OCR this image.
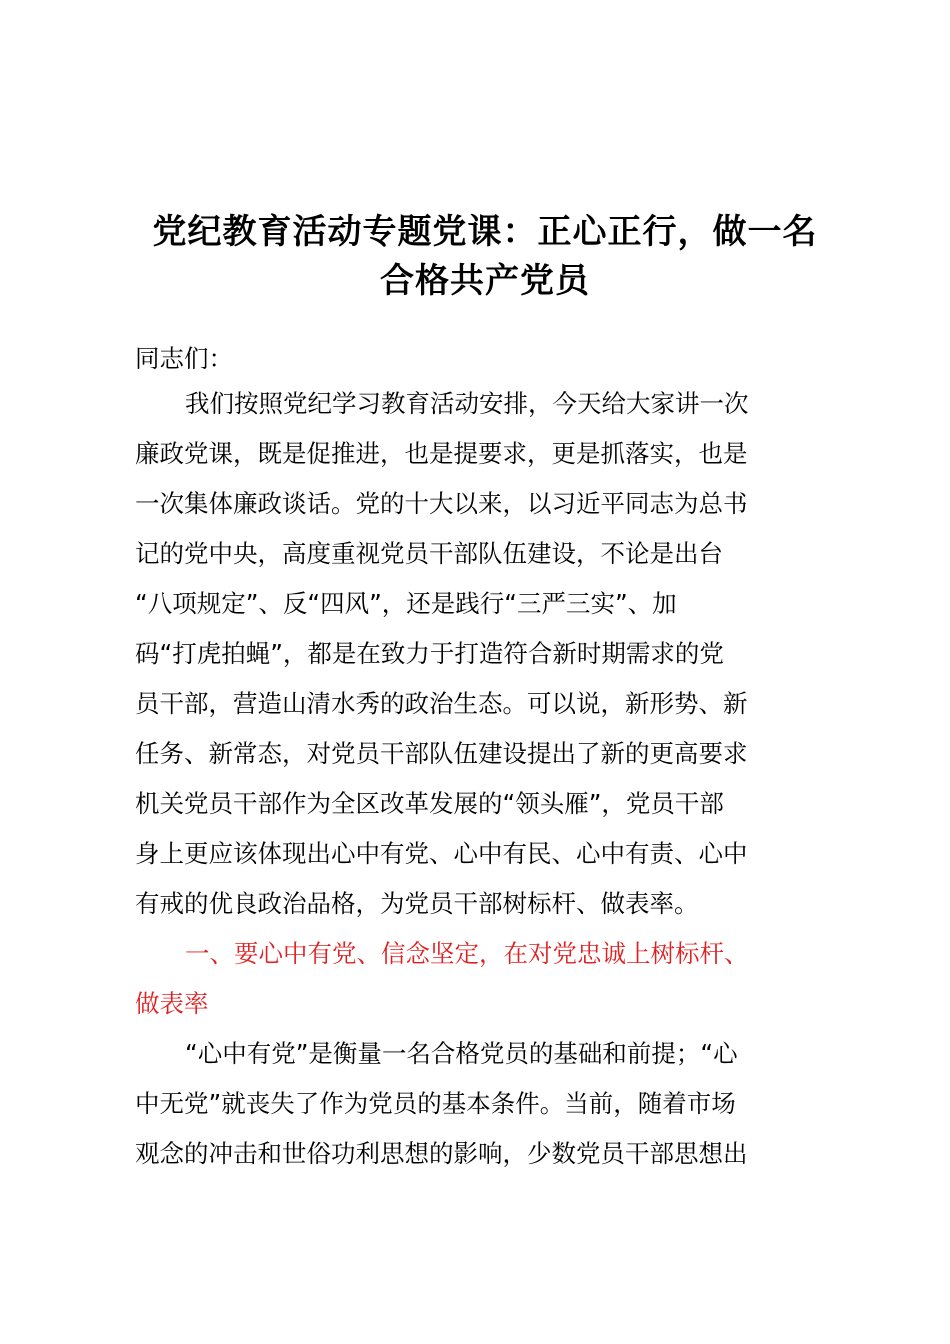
党纪教育活动专题党课：正心正行，做一名
合格共产党员

同志们：

我们按照党纪学习教育活动安排，今天给大家讲一次
廉政党课，既是促推进，也是提要求，更是抓落实，也是
一次集体廉政谈话。党的十大以来，以习近平同志为总书
记的党中央，高度重视党员干部队伍建设，不论是出台
“八项规定”、反“四风”，还是践行“三严三实”、加
码“打虎拍蝇”，都是在致力于打造符合新时期需求的党
员干部，营造山清水秀的政治生态。可以说，新形势、新
任务、新常态，对党员干部队伍建设提出了新的更高要求
机关党员干部作为全区改革发展的“领头雁”，党员干部
身上更应该体现出心中有党、心中有民、心中有责、心中
有戒的优良政治品格，为党员干部树标杆、做表率。

一、要心中有党、信念坚定，在对党忠诚上树标杆、
做表率

“心中有党”是衡量一名合格党员的基础和前提；“心
中无党”就丧失了作为党员的基本条件。当前，随着市场
观念的冲击和世俗功利思想的影响，少数党员干部思想出
